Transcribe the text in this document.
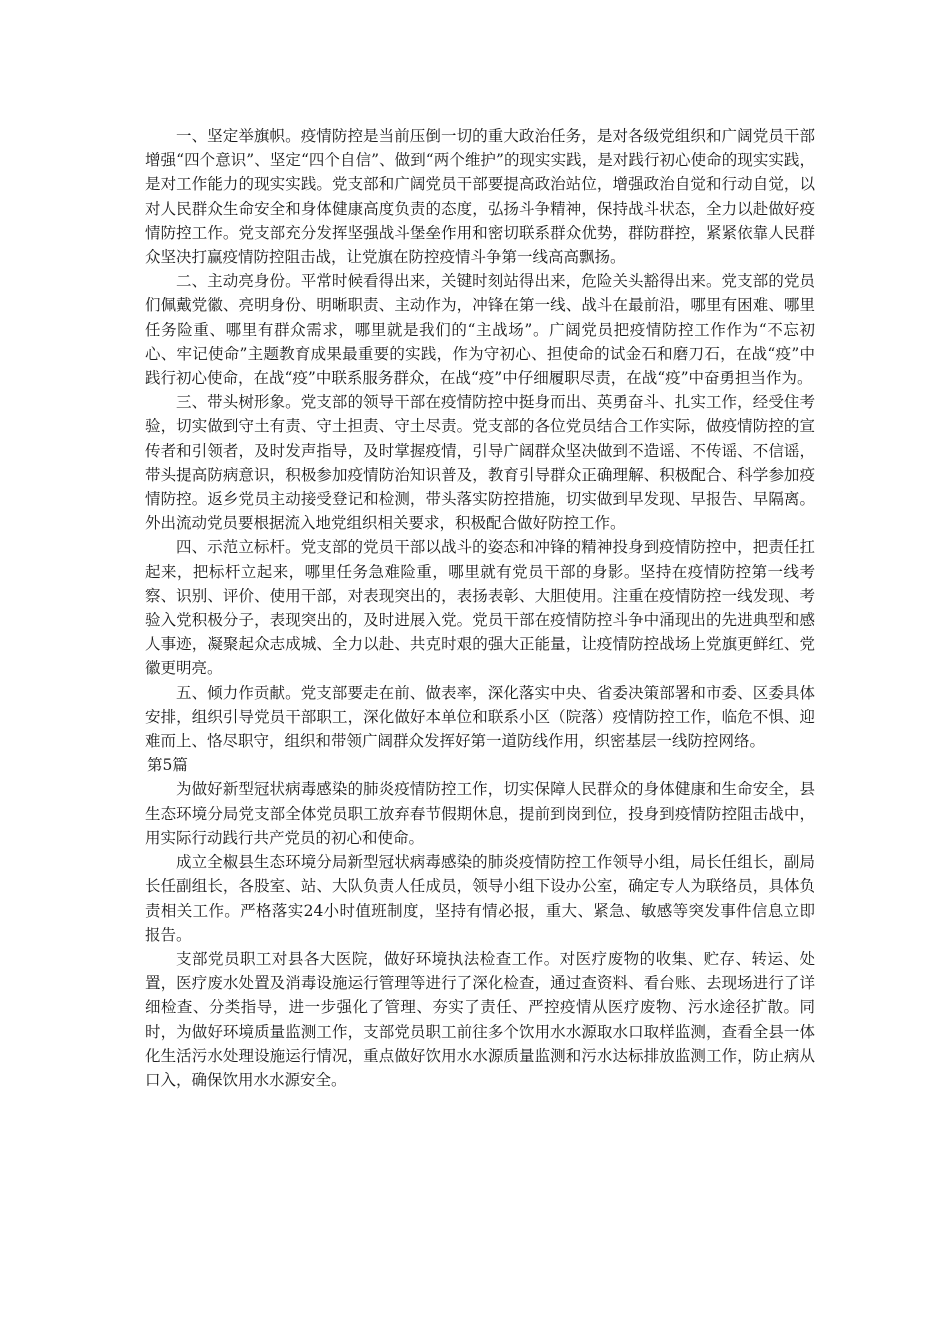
一、坚定举旗帜。疫情防控是当前压倒一切的重大政治任务，是对各级党组织和广阔党员干部增强“四个意识”、坚定“四个自信”、做到“两个维护”的现实实践，是对践行初心使命的现实实践，是对工作能力的现实实践。党支部和广阔党员干部要提高政治站位，增强政治自觉和行动自觉，以对人民群众生命安全和身体健康高度负责的态度，弘扬斗争精神，保持战斗状态，全力以赴做好疫情防控工作。党支部充分发挥坚强战斗堡垒作用和密切联系群众优势，群防群控，紧紧依靠人民群众坚决打赢疫情防控阻击战，让党旗在防控疫情斗争第一线高高飘扬。

二、主动亮身份。平常时候看得出来，关键时刻站得出来，危险关头豁得出来。党支部的党员们佩戴党徽、亮明身份、明晰职责、主动作为，冲锋在第一线、战斗在最前沿，哪里有困难、哪里任务险重、哪里有群众需求，哪里就是我们的“主战场”。广阔党员把疫情防控工作作为“不忘初心、牢记使命”主题教育成果最重要的实践，作为守初心、担使命的试金石和磨刀石，在战“疫”中践行初心使命，在战“疫”中联系服务群众，在战“疫”中仔细履职尽责，在战“疫”中奋勇担当作为。

三、带头树形象。党支部的领导干部在疫情防控中挺身而出、英勇奋斗、扎实工作，经受住考验，切实做到守土有责、守土担责、守土尽责。党支部的各位党员结合工作实际，做疫情防控的宣传者和引领者，及时发声指导，及时掌握疫情，引导广阔群众坚决做到不造谣、不传谣、不信谣，带头提高防病意识，积极参加疫情防治知识普及，教育引导群众正确理解、积极配合、科学参加疫情防控。返乡党员主动接受登记和检测，带头落实防控措施，切实做到早发现、早报告、早隔离。外出流动党员要根据流入地党组织相关要求，积极配合做好防控工作。

四、示范立标杆。党支部的党员干部以战斗的姿态和冲锋的精神投身到疫情防控中，把责任扛起来，把标杆立起来，哪里任务急难险重，哪里就有党员干部的身影。坚持在疫情防控第一线考察、识别、评价、使用干部，对表现突出的，表扬表彰、大胆使用。注重在疫情防控一线发现、考验入党积极分子，表现突出的，及时进展入党。党员干部在疫情防控斗争中涌现出的先进典型和感人事迹，凝聚起众志成城、全力以赴、共克时艰的强大正能量，让疫情防控战场上党旗更鲜红、党徽更明亮。

五、倾力作贡献。党支部要走在前、做表率，深化落实中央、省委决策部署和市委、区委具体安排，组织引导党员干部职工，深化做好本单位和联系小区（院落）疫情防控工作，临危不惧、迎难而上、恪尽职守，组织和带领广阔群众发挥好第一道防线作用，织密基层一线防控网络。

第5篇

为做好新型冠状病毒感染的肺炎疫情防控工作，切实保障人民群众的身体健康和生命安全，县生态环境分局党支部全体党员职工放弃春节假期休息，提前到岗到位，投身到疫情防控阻击战中，用实际行动践行共产党员的初心和使命。

成立全椒县生态环境分局新型冠状病毒感染的肺炎疫情防控工作领导小组，局长任组长，副局长任副组长，各股室、站、大队负责人任成员，领导小组下设办公室，确定专人为联络员，具体负责相关工作。严格落实24小时值班制度，坚持有情必报，重大、紧急、敏感等突发事件信息立即报告。

支部党员职工对县各大医院，做好环境执法检查工作。对医疗废物的收集、贮存、转运、处置，医疗废水处置及消毒设施运行管理等进行了深化检查，通过查资料、看台账、去现场进行了详细检查、分类指导，进一步强化了管理、夯实了责任、严控疫情从医疗废物、污水途径扩散。同时，为做好环境质量监测工作，支部党员职工前往多个饮用水水源取水口取样监测，查看全县一体化生活污水处理设施运行情况，重点做好饮用水水源质量监测和污水达标排放监测工作，防止病从口入，确保饮用水水源安全。
